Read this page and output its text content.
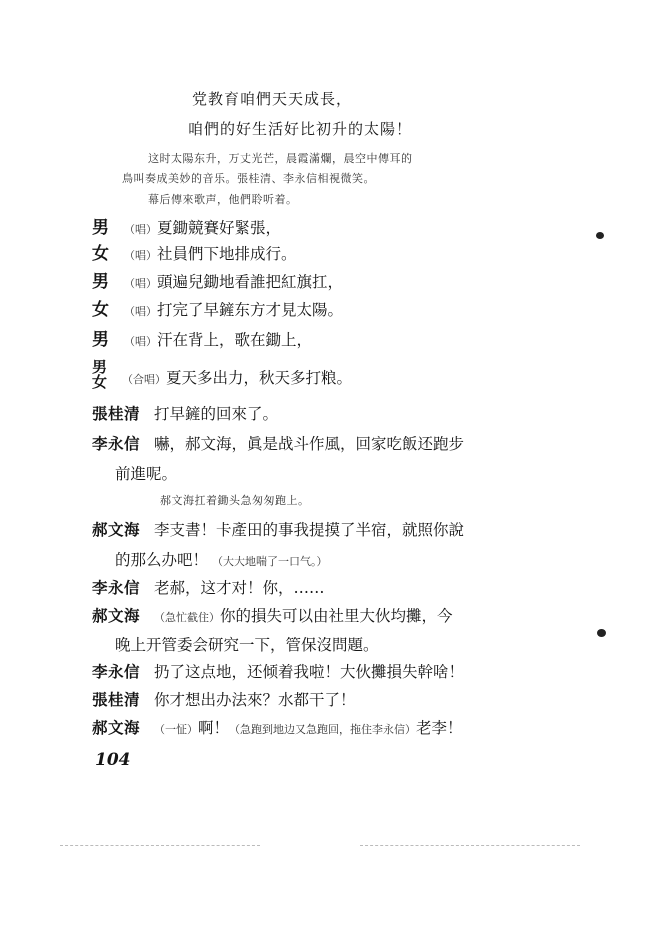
党教育咱們天天成長，
咱們的好生活好比初升的太陽！
这时太陽东升，万丈光芒，晨霞滿爛，晨空中傳耳的
鳥叫奏成美妙的音乐。張桂清、李永信相視微笑。
幕后傳來歌声，他們聆听着。
男 （唱）夏鋤競賽好緊張，
女 （唱）社員們下地排成行。
男 （唱）頭遍兒鋤地看誰把紅旗扛，
女 （唱）打完了早鏟东方才見太陽。
男 （唱）汗在背上，歌在鋤上，
男
女 （合唱）夏天多出力，秋天多打粮。
張桂清 打早鏟的回來了。
李永信 嚇，郝文海，眞是战斗作風，回家吃飯还跑步
前進呢。
郝文海扛着鋤头急匆匆跑上。
郝文海 李支書！卡產田的事我提摸了半宿，就照你說
的那么办吧！ （大大地喘了一口气。）
李永信 老郝，这才对！你，……
郝文海 （急忙截住）你的損失可以由社里大伙均攤，今
晚上开管委会研究一下，管保沒問題。
李永信 扔了这点地，还倾着我啦！大伙攤損失幹啥！
張桂清 你才想出办法來？水都干了！
郝文海 （一怔）啊！（急跑到地边又急跑回，拖住李永信）老李！
104
